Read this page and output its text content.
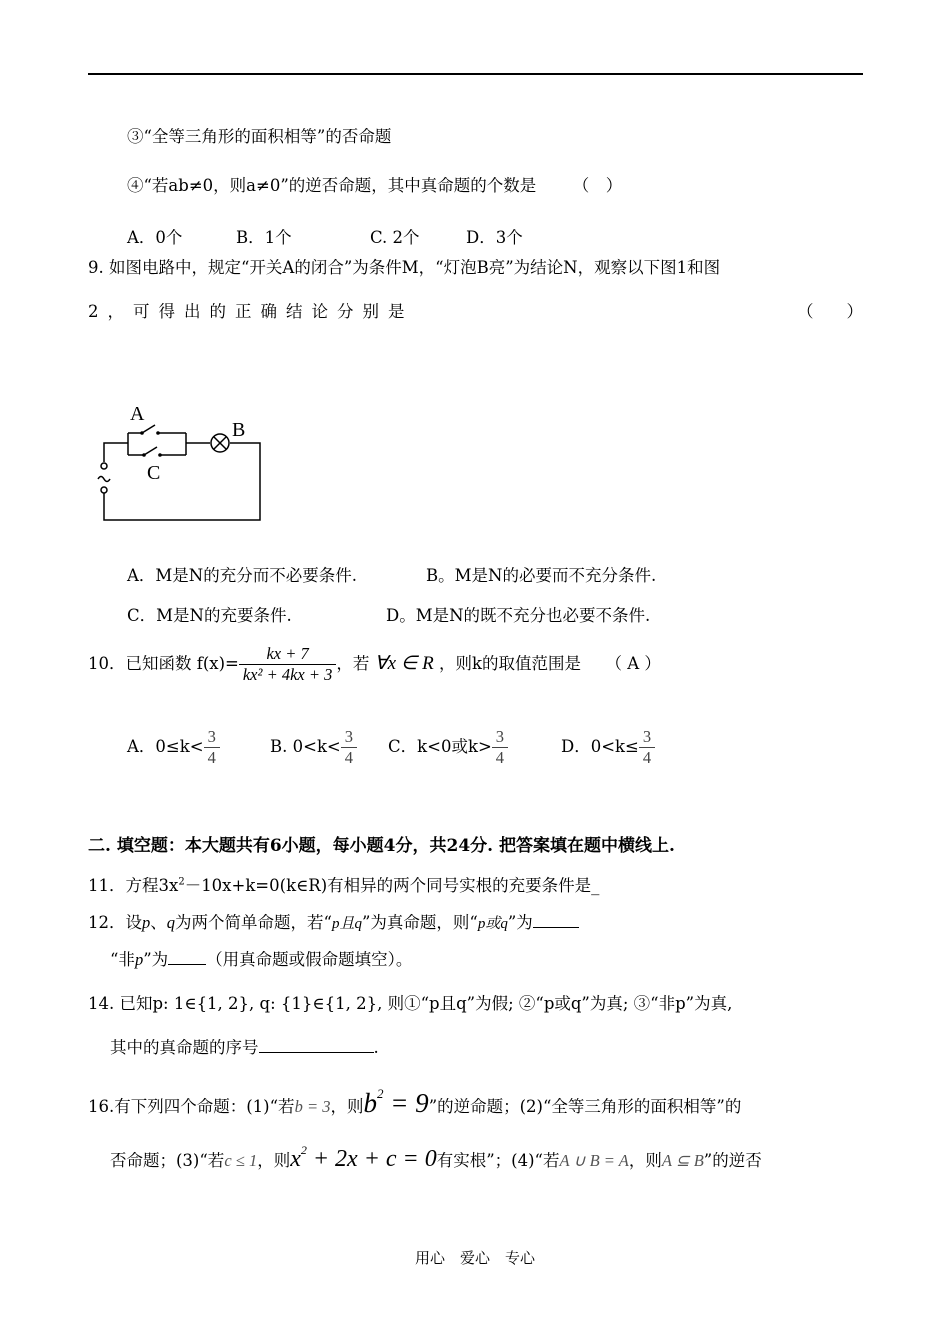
③“全等三角形的面积相等”的否命题
④“若ab≠0，则a≠0”的逆否命题，其中真命题的个数是 （　）
A．0个	B．1个	C. 2个	D．3个
9. 如图电路中，规定“开关A的闭合”为条件M，“灯泡B亮”为结论N，观察以下图1和图
2，可得出的正确结论分别是	（　　）
A
B
C
A．M是N的充分而不必要条件.	B。M是N的必要而不充分条件.
C．M是N的充要条件.	D。M是N的既不充分也必要不条件.
10．已知函数 $f(x)= \frac{kx + 7}{\text{kx² + 4kx + 3}}$ ，若 ∀x ∈ R ，则k的取值范围是 （ A ）
A．$0\le k< \frac{3}{4}$	B. $0<k< \frac{3}{4}$ C．k<0或$k> \frac{3}{4}$	D．$0<k\le \frac{3}{4}$
二. 填空题：本大题共有6小题，每小题4分，共24分. 把答案填在题中横线上.
11．方程$3x^2-10x+k=0(k\in R)$有相异的两个同号实根的充要条件是_
12．设p、q为两个简单命题，若“p且q”为真命题，则“p或q”为
“非p”为 （用真命题或假命题填空）。
14. 已知p: 1∈{1, 2}, q: {1}∈{1, 2}, 则①“p且q”为假; ②“p或q”为真; ③“非p”为真,
其中的真命题的序号	.
16.有下列四个命题：(1)“若b = 3，则$b^2 = 9$”的逆命题；(2)“全等三角形的面积相等”的
否命题；(3)“若c ≤ 1，则$x^2 + 2x + c = 0$有实根”；(4)“若A ∪ B = A，则A ⊆ B”的逆否
用心　爱心　专心
